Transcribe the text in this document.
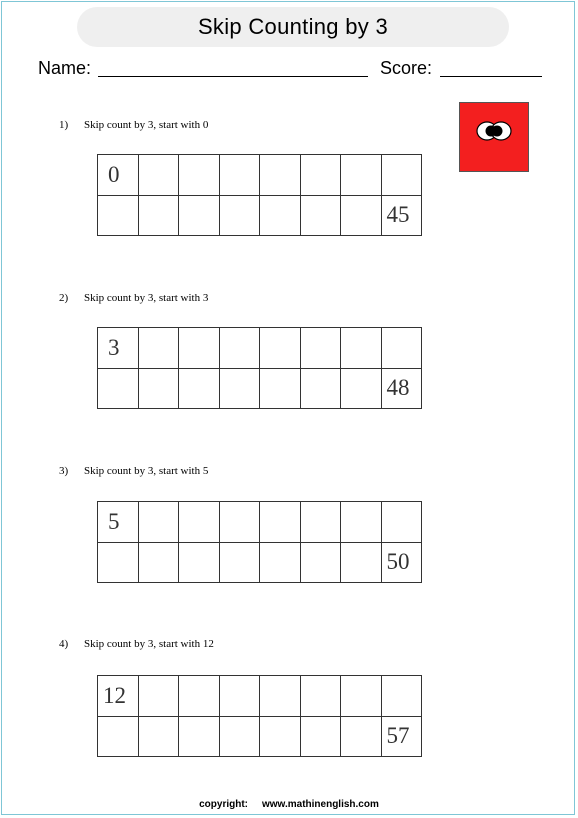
Skip Counting by 3
Name:	Score:
1) Skip count by 3, start with 0
0							
							45
2) Skip count by 3, start with 3
3							
							48
3) Skip count by 3, start with 5
5							
							50
4) Skip count by 3, start with 12
12							
							57
copyright: www.mathinenglish.com
